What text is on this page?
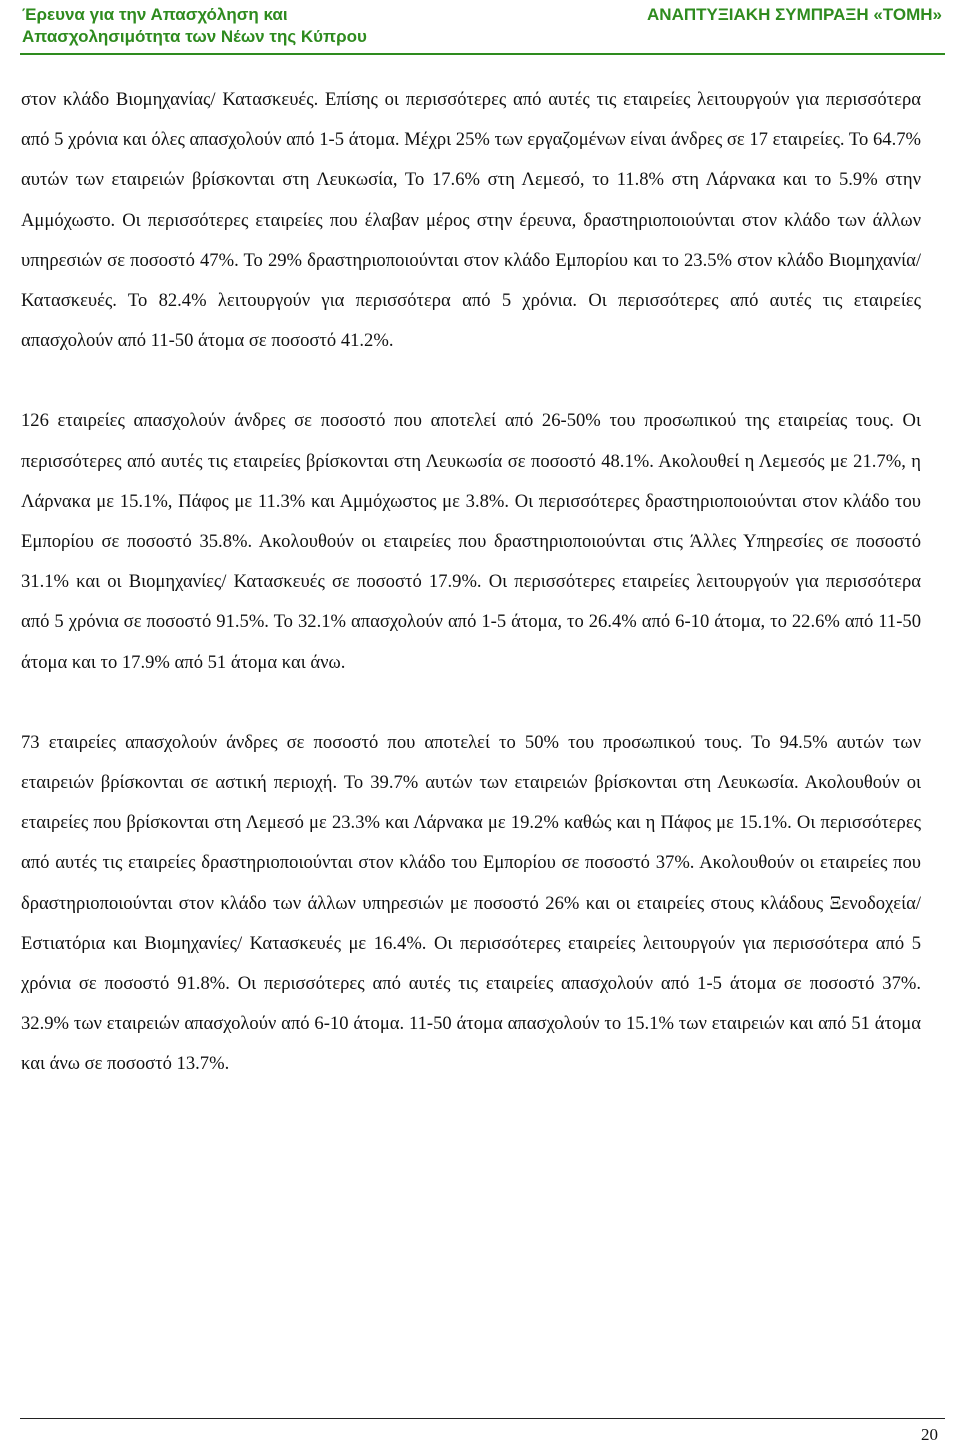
Έρευνα για την Απασχόληση και
Απασχολησιμότητα των Νέων της Κύπρου
ΑΝΑΠΤΥΞΙΑΚΗ ΣΥΜΠΡΑΞΗ «ΤΟΜΗ»

στον κλάδο Βιομηχανίας/ Κατασκευές. Επίσης οι περισσότερες από αυτές τις εταιρείες λειτουργούν για περισσότερα από 5 χρόνια και όλες απασχολούν από 1-5 άτομα. Μέχρι 25% των εργαζομένων είναι άνδρες σε 17 εταιρείες. Το 64.7% αυτών των εταιρειών βρίσκονται στη Λευκωσία, Το 17.6% στη Λεμεσό, το 11.8% στη Λάρνακα και το 5.9% στην Αμμόχωστο. Οι περισσότερες εταιρείες που έλαβαν μέρος στην έρευνα, δραστηριοποιούνται στον κλάδο των άλλων υπηρεσιών σε ποσοστό 47%. Το 29% δραστηριοποιούνται στον κλάδο Εμπορίου και το 23.5% στον κλάδο Βιομηχανία/ Κατασκευές. Το 82.4% λειτουργούν για περισσότερα από 5 χρόνια. Οι περισσότερες από αυτές τις εταιρείες απασχολούν από 11-50 άτομα σε ποσοστό 41.2%.

126 εταιρείες απασχολούν άνδρες σε ποσοστό που αποτελεί από 26-50% του προσωπικού της εταιρείας τους. Οι περισσότερες από αυτές τις εταιρείες βρίσκονται στη Λευκωσία σε ποσοστό 48.1%. Ακολουθεί η Λεμεσός με 21.7%, η Λάρνακα με 15.1%, Πάφος με 11.3% και Αμμόχωστος με 3.8%. Οι περισσότερες δραστηριοποιούνται στον κλάδο του Εμπορίου σε ποσοστό 35.8%. Ακολουθούν οι εταιρείες που δραστηριοποιούνται στις Άλλες Υπηρεσίες σε ποσοστό 31.1% και οι Βιομηχανίες/ Κατασκευές σε ποσοστό 17.9%. Οι περισσότερες εταιρείες λειτουργούν για περισσότερα από 5 χρόνια σε ποσοστό 91.5%. Το 32.1% απασχολούν από 1-5 άτομα, το 26.4% από 6-10 άτομα, το 22.6% από 11-50 άτομα και το 17.9% από 51 άτομα και άνω.

73 εταιρείες απασχολούν άνδρες σε ποσοστό που αποτελεί το 50% του προσωπικού τους. Το 94.5% αυτών των εταιρειών βρίσκονται σε αστική περιοχή. Το 39.7% αυτών των εταιρειών βρίσκονται στη Λευκωσία. Ακολουθούν οι εταιρείες που βρίσκονται στη Λεμεσό με 23.3% και Λάρνακα με 19.2% καθώς και η Πάφος με 15.1%. Οι περισσότερες από αυτές τις εταιρείες δραστηριοποιούνται στον κλάδο του Εμπορίου σε ποσοστό 37%. Ακολουθούν οι εταιρείες που δραστηριοποιούνται στον κλάδο των άλλων υπηρεσιών με ποσοστό 26% και οι εταιρείες στους κλάδους Ξενοδοχεία/ Εστιατόρια και Βιομηχανίες/ Κατασκευές με 16.4%. Οι περισσότερες εταιρείες λειτουργούν για περισσότερα από 5 χρόνια σε ποσοστό 91.8%. Οι περισσότερες από αυτές τις εταιρείες απασχολούν από 1-5 άτομα σε ποσοστό 37%. 32.9% των εταιρειών απασχολούν από 6-10 άτομα. 11-50 άτομα απασχολούν το 15.1% των εταιρειών και από 51 άτομα και άνω σε ποσοστό 13.7%.

20
